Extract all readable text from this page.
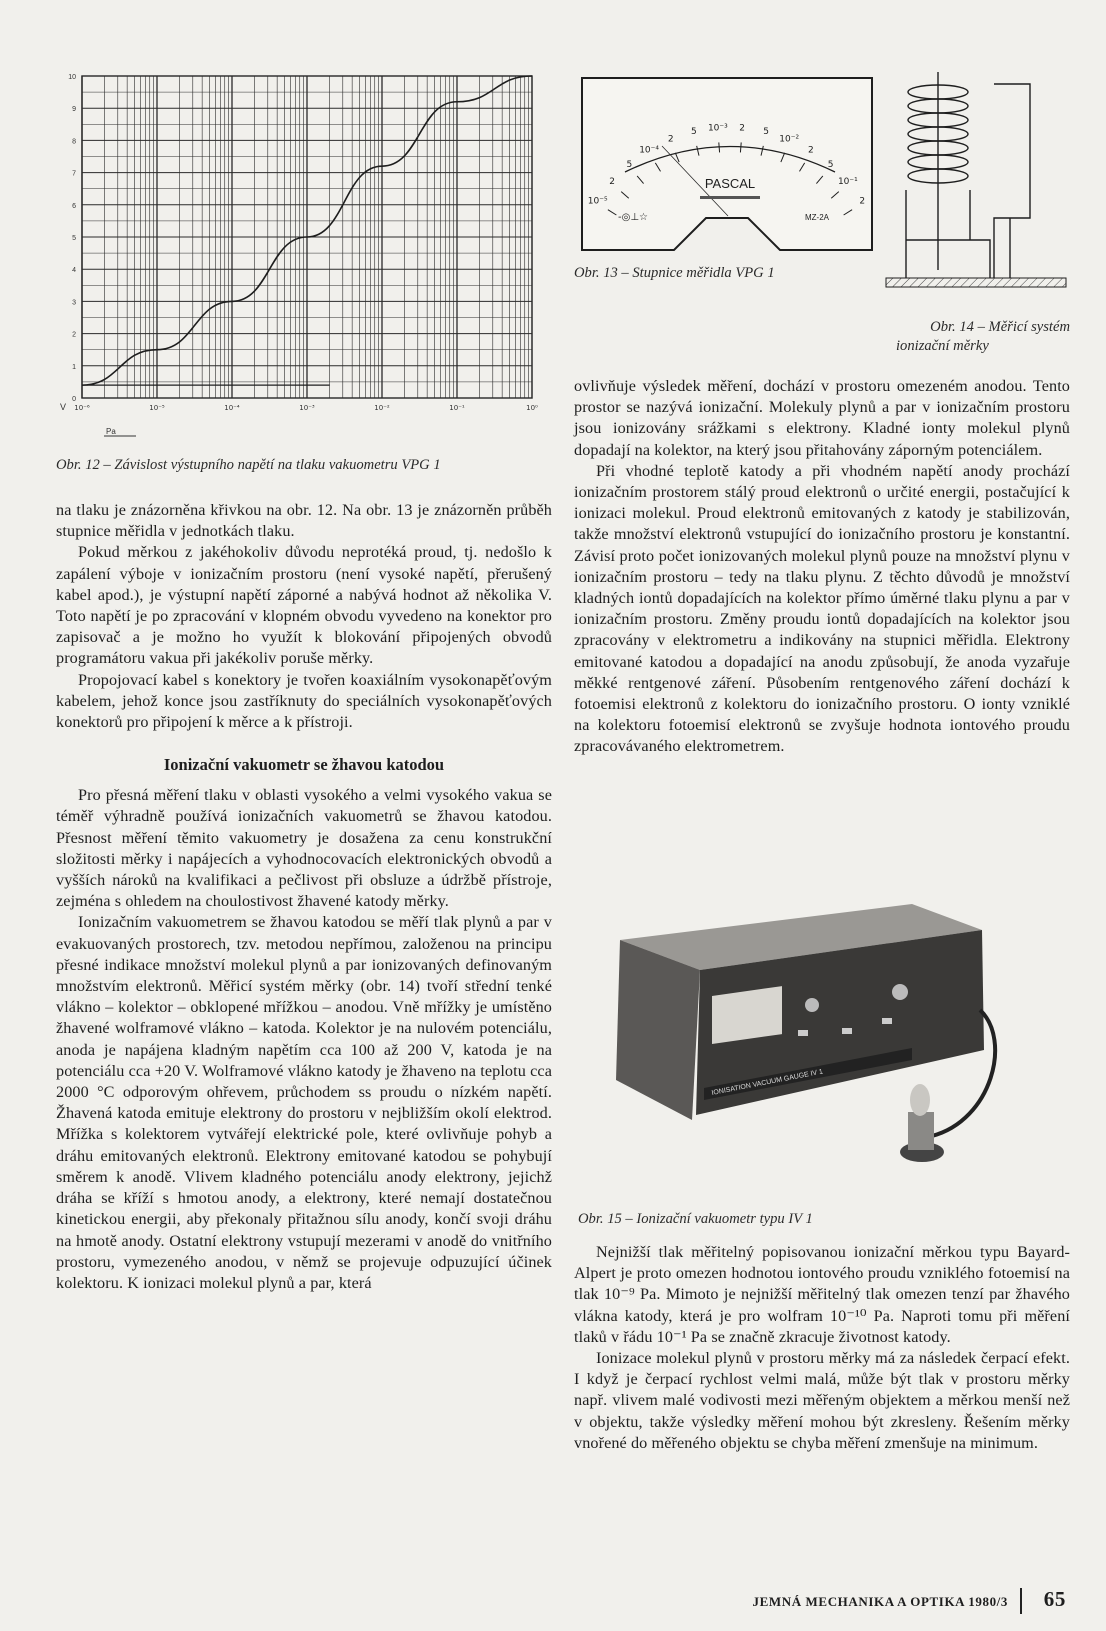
10
9
8
7
6
5
4
3
2
1
0
10⁻⁶	10⁻⁵	10⁻⁴	10⁻³	10⁻²	10⁻¹	10⁰
V
Pa
Obr. 12 – Závislost výstupního napětí na tlaku vakuometru VPG 1
10⁻⁵
2
5
10⁻⁴
2
5 10⁻³ 2 5
10⁻²
2
5
10⁻¹
2
PASCAL
-◎⊥☆	MZ-2A
Obr. 13 – Stupnice měřidla VPG 1
Obr. 14 – Měřicí systém
ionizační měrky

na tlaku je znázorněna křivkou na obr. 12. Na obr. 13 je znázorněn průběh stupnice měřidla v jednotkách tlaku.

Pokud měrkou z jakéhokoliv důvodu neprotéká proud, tj. nedošlo k zapálení výboje v ionizačním prostoru (není vysoké napětí, přerušený kabel apod.), je výstupní napětí záporné a nabývá hodnot až několika V. Toto napětí je po zpracování v klopném obvodu vyvedeno na konektor pro zapisovač a je možno ho využít k blokování připojených obvodů programátoru vakua při jakékoliv poruše měrky.

Propojovací kabel s konektory je tvořen koaxiálním vysokonapěťovým kabelem, jehož konce jsou zastříknuty do speciálních vysokonapěťových konektorů pro připojení k měrce a k přístroji.

Ionizační vakuometr se žhavou katodou

Pro přesná měření tlaku v oblasti vysokého a velmi vysokého vakua se téměř výhradně používá ionizačních vakuometrů se žhavou katodou. Přesnost měření těmito vakuometry je dosažena za cenu konstrukční složitosti měrky i napájecích a vyhodnocovacích elektronických obvodů a vyšších nároků na kvalifikaci a pečlivost při obsluze a údržbě přístroje, zejména s ohledem na choulostivost žhavené katody měrky.

Ionizačním vakuometrem se žhavou katodou se měří tlak plynů a par v evakuovaných prostorech, tzv. metodou nepřímou, založenou na principu přesné indikace množství molekul plynů a par ionizovaných definovaným množstvím elektronů. Měřicí systém měrky (obr. 14) tvoří střední tenké vlákno – kolektor – obklopené mřížkou – anodou. Vně mřížky je umístěno žhavené wolframové vlákno – katoda. Kolektor je na nulovém potenciálu, anoda je napájena kladným napětím cca 100 až 200 V, katoda je na potenciálu cca +20 V. Wolframové vlákno katody je žhaveno na teplotu cca 2000 °C odporovým ohřevem, průchodem ss proudu o nízkém napětí. Žhavená katoda emituje elektrony do prostoru v nejbližším okolí elektrod. Mřížka s kolektorem vytvářejí elektrické pole, které ovlivňuje pohyb a dráhu emitovaných elektronů. Elektrony emitované katodou se pohybují směrem k anodě. Vlivem kladného potenciálu anody elektrony, jejichž dráha se kříží s hmotou anody, a elektrony, které nemají dostatečnou kinetickou energii, aby překonaly přitažnou sílu anody, končí svoji dráhu na hmotě anody. Ostatní elektrony vstupují mezerami v anodě do vnitřního prostoru, vymezeného anodou, v němž se projevuje odpuzující účinek kolektoru. K ionizaci molekul plynů a par, která

ovlivňuje výsledek měření, dochází v prostoru omezeném anodou. Tento prostor se nazývá ionizační. Molekuly plynů a par v ionizačním prostoru jsou ionizovány srážkami s elektrony. Kladné ionty molekul plynů dopadají na kolektor, na který jsou přitahovány záporným potenciálem.

Při vhodné teplotě katody a při vhodném napětí anody prochází ionizačním prostorem stálý proud elektronů o určité energii, postačující k ionizaci molekul. Proud elektronů emitovaných z katody je stabilizován, takže množství elektronů vstupující do ionizačního prostoru je konstantní. Závisí proto počet ionizovaných molekul plynů pouze na množství plynu v ionizačním prostoru – tedy na tlaku plynu. Z těchto důvodů je množství kladných iontů dopadajících na kolektor přímo úměrné tlaku plynu a par v ionizačním prostoru. Změny proudu iontů dopadajících na kolektor jsou zpracovány v elektrometru a indikovány na stupnici měřidla. Elektrony emitované katodou a dopadající na anodu způsobují, že anoda vyzařuje měkké rentgenové záření. Působením rentgenového záření dochází k fotoemisi elektronů z kolektoru do ionizačního prostoru. O ionty vzniklé na kolektoru fotoemisí elektronů se zvyšuje hodnota iontového proudu zpracovávaného elektrometrem.

IONISATION VACUUM GAUGE IV 1
Obr. 15 – Ionizační vakuometr typu IV 1

Nejnižší tlak měřitelný popisovanou ionizační měrkou typu Bayard-Alpert je proto omezen hodnotou iontového proudu vzniklého fotoemisí na tlak 10⁻⁹ Pa. Mimoto je nejnižší měřitelný tlak omezen tenzí par žhavého vlákna katody, která je pro wolfram 10⁻¹⁰ Pa. Naproti tomu při měření tlaků v řádu 10⁻¹ Pa se značně zkracuje životnost katody.

Ionizace molekul plynů v prostoru měrky má za následek čerpací efekt. I když je čerpací rychlost velmi malá, může být tlak v prostoru měrky např. vlivem malé vodivosti mezi měřeným objektem a měrkou menší než v objektu, takže výsledky měření mohou být zkresleny. Řešením měrky vnořené do měřeného objektu se chyba měření zmenšuje na minimum.

JEMNÁ MECHANIKA A OPTIKA 1980/3 65
